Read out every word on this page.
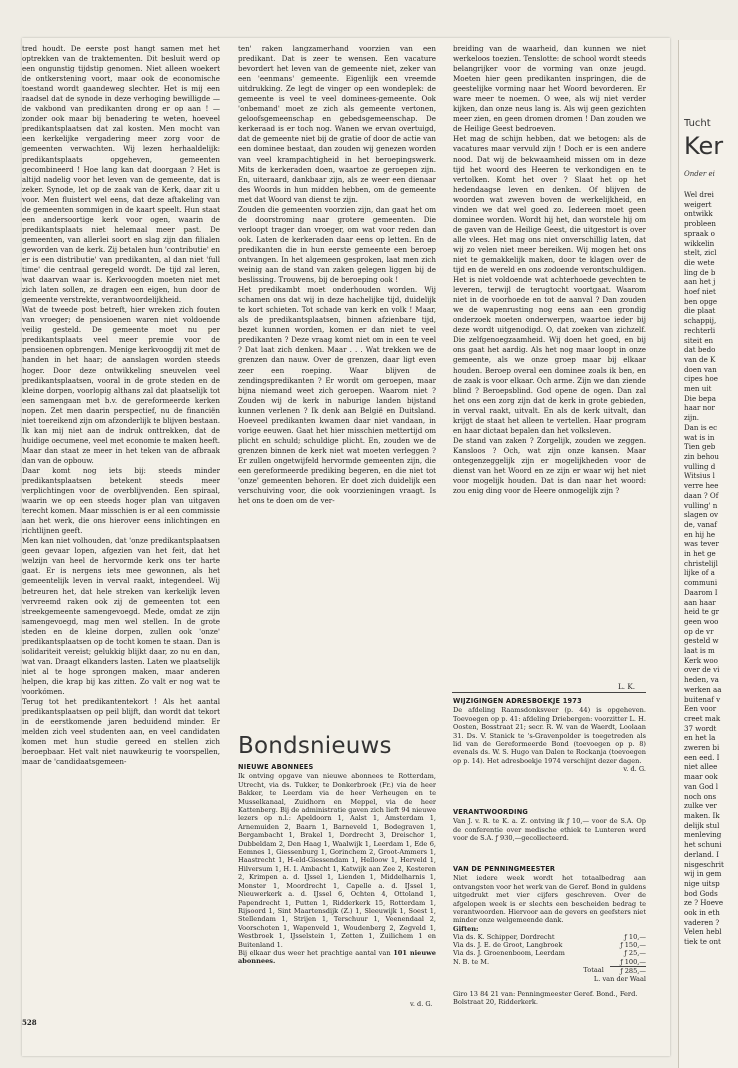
tred houdt. De eerste post hangt samen met het optrekken van de traktementen. Dit besluit werd op een ongunstig tijdstip genomen. Niet alleen woekert de ontkerstening voort, maar ook de economische toestand wordt gaandeweg slechter. Het is mij een raadsel dat de synode in deze verhoging bewilligde — de vakbond van predikanten drong er op aan ! — zonder ook maar bij benadering te weten, hoeveel predikantsplaatsen dat zal kosten. Men mocht van een kerkelijke vergadering meer zorg voor de gemeenten verwachten. Wij lezen herhaaldelijk: predikantsplaats opgeheven, gemeenten gecombineerd ! Hoe lang kan dat doorgaan ? Het is altijd nadelig voor het leven van de gemeente, dat is zeker. Synode, let op de zaak van de Kerk, daar zit u voor. Men fluistert wel eens, dat deze aftakeling van de gemeenten sommigen in de kaart speelt. Hun staat een andersoortige kerk voor ogen, waarin de predikantsplaats niet helemaal meer past. De gemeenten, van allerlei soort en slag zijn dan filialen geworden van de kerk. Zij betalen hun 'contributie' en er is een distributie' van predikanten, al dan niet 'full time' die centraal geregeld wordt. De tijd zal leren, wat daarvan waar is. Kerkvoogden moeten niet met zich laten sollen, ze dragen een eigen, hun door de gemeente verstrekte, verantwoordelijkheid.

Wat de tweede post betreft, hier wreken zich fouten van vroeger; de pensioenen waren niet voldoende veilig gesteld. De gemeente moet nu per predikantsplaats veel meer premie voor de pensioenen opbrengen. Menige kerkvoogdij zit met de handen in het haar; de aanslagen worden steeds hoger. Door deze ontwikkeling sneuvelen veel predikantsplaatsen, vooral in de grote steden en de kleine dorpen, voorlopig althans zal dat plaatselijk tot een samengaan met b.v. de gereformeerde kerken nopen. Zet men daarin perspectief, nu de financiën niet toereikend zijn om afzonderlijk te blijven bestaan. Ik kan mij niet aan de indruk onttrekken, dat de huidige oecumene, veel met economie te maken heeft. Maar dan staat ze meer in het teken van de afbraak dan van de opbouw.

Daar komt nog iets bij: steeds minder predikantsplaatsen betekent steeds meer verplichtingen voor de overblijvenden. Een spiraal, waarin we op een steeds hoger plan van uitgaven terecht komen. Maar misschien is er al een commissie aan het werk, die ons hierover eens inlichtingen en richtlijnen geeft.

Men kan niet volhouden, dat 'onze predikantsplaatsen geen gevaar lopen, afgezien van het feit, dat het welzijn van heel de hervormde kerk ons ter harte gaat. Er is nergens iets mee gewonnen, als het gemeentelijk leven in verval raakt, integendeel. Wij betreuren het, dat hele streken van kerkelijk leven vervreemd raken ook zij de gemeenten tot een streekgemeente samengevoegd. Mede, omdat ze zijn samengevoegd, mag men wel stellen. In de grote steden en de kleine dorpen, zullen ook 'onze' predikantsplaatsen op de tocht komen te staan. Dan is solidariteit vereist; gelukkig blijkt daar, zo nu en dan, wat van. Draagt elkanders lasten. Laten we plaatselijk niet al te hoge sprongen maken, maar anderen helpen, die krap bij kas zitten. Zo valt er nog wat te voorkómen.

Terug tot het predikantentekort ! Als het aantal predikantsplaatsen op peil blijft, dan wordt dat tekort in de eerstkomende jaren beduidend minder. Er melden zich veel studenten aan, en veel candidaten komen met hun studie gereed en stellen zich beroepbaar. Het valt niet nauwkeurig te voorspellen, maar de 'candidaatsgemeen-

ten' raken langzamerhand voorzien van een predikant. Dat is zeer te wensen. Een vacature bevordert het leven van de gemeente niet, zeker van een 'eenmans' gemeente. Eigenlijk een vreemde uitdrukking. Ze legt de vinger op een wondeplek: de gemeente is veel te veel dominees-gemeente. Ook 'onbemand' moet ze zich als gemeente vertonen, geloofsgemeenschap en gebedsgemeenschap. De kerkeraad is er toch nog. Wanen we ervan overtuigd, dat de gemeente niet bij de gratie of door de actie van een dominee bestaat, dan zouden wij genezen worden van veel krampachtigheid in het beroepingswerk. Mits de kerkeraden doen, waartoe ze geroepen zijn. En, uiteraard, dankbaar zijn, als ze weer een dienaar des Woords in hun midden hebben, om de gemeente met dat Woord van dienst te zijn.

Zouden die gemeenten voorzien zijn, dan gaat het om de doorstroming naar grotere gemeenten. Die verloopt trager dan vroeger, om wat voor reden dan ook. Laten de kerkeraden daar eens op letten. En de predikanten die in hun eerste gemeente een beroep ontvangen. In het algemeen gesproken, laat men zich weinig aan de stand van zaken gelegen liggen bij de beslissing. Trouwens, bij de beroeping ook !

Het predikambt moet onderhouden worden. Wij schamen ons dat wij in deze hachelijke tijd, duidelijk te kort schieten. Tot schade van kerk en volk ! Maar, als de predikantsplaatsen, binnen afzienbare tijd, bezet kunnen worden, komen er dan niet te veel predikanten ? Deze vraag komt niet om in een te veel ? Dat laat zich denken. Maar . . . Wat trekken we de grenzen dan nauw. Over de grenzen, daar ligt even zeer een roeping. Waar blijven de zendingspredikanten ? Er wordt om geroepen, maar bijna niemand weet zich geroepen. Waarom niet ? Zouden wij de kerk in naburige landen bijstand kunnen verlenen ? Ik denk aan België en Duitsland. Hoeveel predikanten kwamen daar niet vandaan, in vorige eeuwen. Gaat het hier misschien mettertijd om plicht en schuld; schuldige plicht. En, zouden we de grenzen binnen de kerk niet wat moeten verleggen ? Er zullen ongetwijfeld hervormde gemeenten zijn, die een gereformeerde prediking begeren, en die niet tot 'onze' gemeenten behoren. Er doet zich duidelijk een verschuiving voor, die ook voorzieningen vraagt. Is het ons te doen om de ver-

breiding van de waarheid, dan kunnen we niet werkeloos toezien. Tenslotte: de school wordt steeds belangrijker voor de vorming van onze jeugd. Moeten hier geen predikanten inspringen, die de geestelijke vorming naar het Woord bevorderen. Er ware meer te noemen. O wee, als wij niet verder kijken, dan onze neus lang is. Als wij geen gezichten meer zien, en geen dromen dromen ! Dan zouden we de Heilige Geest bedroeven.

Het mag de schijn hebben, dat we betogen: als de vacatures maar vervuld zijn ! Doch er is een andere nood. Dat wij de bekwaamheid missen om in deze tijd het woord des Heeren te verkondigen en te vertolken. Komt het over ? Slaat het op het hedendaagse leven en denken. Of blijven de woorden wat zweven boven de werkelijkheid, en vinden we dat wel goed zo. Iedereen moet geen dominee worden. Wordt hij het, dan worstele hij om de gaven van de Heilige Geest, die uitgestort is over alle vlees. Het mag ons niet onverschillig laten, dat wij zo velen niet meer bereiken. Wij mogen het ons niet te gemakkelijk maken, door te klagen over de tijd en de wereld en ons zodoende verontschuldigen. Het is niet voldoende wat achterhoede gevechten te leveren, terwijl de terugtocht voortgaat. Waarom niet in de voorhoede en tot de aanval ? Dan zouden we de wapenrusting nog eens aan een grondig onderzoek moeten onderwerpen, waartoe ieder bij deze wordt uitgenodigd. O, dat zoeken van zichzelf. Die zelfgenoegzaamheid. Wij doen het goed, en bij ons gaat het aardig. Als het nog maar loopt in onze gemeente, als we onze groep maar bij elkaar houden. Beroep overal een dominee zoals ik ben, en de zaak is voor elkaar. Och arme. Zijn we dan ziende blind ? Beroepsblind. God opene de ogen. Dan zal het ons een zorg zijn dat de kerk in grote gebieden, in verval raakt, uitvalt. En als de kerk uitvalt, dan krijgt de staat het alleen te vertellen. Haar program en haar dictaat bepalen dan het volksleven.

De stand van zaken ? Zorgelijk, zouden we zeggen. Kansloos ? Och, wat zijn onze kansen. Maar ontegenzeggelijk zijn er mogelijkheden voor de dienst van het Woord en ze zijn er waar wij het niet voor mogelijk houden. Dat is dan naar het woord: zou enig ding voor de Heere onmogelijk zijn ?

L. K.
Bondsnieuws
NIEUWE ABONNEES

Ik ontving opgave van nieuwe abonnees te Rotterdam, Utrecht, via ds. Tukker, te Donkerbroek (Fr.) via de heer Bakker, te Leerdam via de heer Verheugen en te Musselkanaal, Zuidhorn en Meppel, via de heer Kattenberg. Bij de administratie gaven zich lieft 94 nieuwe lezers op n.l.: Apeldoorn 1, Aalst 1, Amsterdam 1, Arnemuiden 2, Baarn 1, Barneveld 1, Bodegraven 1, Bergambacht 1, Brakel 1, Dordrecht 3, Dreischor 1, Dubbeldam 2, Den Haag 1, Waalwijk 1, Leerdam 1, Ede 6, Eemnes 1, Giessenburg 1, Gorinchem 2, Groot-Ammers 1, Haastrecht 1, H-eld-Giessendam 1, Helloow 1, Herveld 1, Hilversum 1, H. I. Ambacht 1, Katwijk aan Zee 2, Kesteren 2, Krimpen a. d. IJssel 1, Lienden 1, Middelharnis 1, Monster 1, Moordrecht 1, Capelle a. d. IJssel 1, Nieuwerkerk a. d. IJssel 6, Ochten 4, Ottoland 1, Papendrecht 1, Putten 1, Ridderkerk 15, Rotterdam 1, Rijsoord 1, Sint Maartensdijk (Z.) 1, Sleeuwijk 1, Soest 1, Stellendam 1, Strijen 1, Terschuur 1, Veenendaal 2, Voorschoten 1, Wapenveld 1, Woudenberg 2, Zegveld 1, Westbroek 1, IJsselstein 1, Zetten 1, Zuilichem 1 en Buitenland 1.

Bij elkaar dus weer het prachtige aantal van 101 nieuwe abonnees.

v. d. G.
WIJZIGINGEN ADRESBOEKJE 1973

De afdeling Raamsdonksveer (p. 44) is opgeheven. Toevoegen op p. 41: afdeling Driebergen: voorzitter L. H. Oosten, Bosstraat 21; secr. R. W. van de Waerdt, Loolaan 31. Ds. V. Stanick te 's-Gravenpolder is toegetreden als lid van de Gereformeerde Bond (toevoegen op p. 8) evenals ds. W. S. Hugo van Dalen te Rockanja (toevoegen op p. 14). Het adresboekje 1974 verschijnt dezer dagen.

v. d. G.

VERANTWOORDING

Van J. v. R. te K. a. Z. ontving ik ƒ 10,— voor de S.A. Op de conferentie over medische ethiek te Lunteren werd voor de S.A. ƒ 930,—gecollecteerd.

VAN DE PENNINGMEESTER

Niet iedere week wordt het totaalbedrag aan ontvangsten voor het werk van de Geref. Bond in guldens uitgedrukt met vier cijfers geschreven. Over de afgelopen week is er slechts een bescheiden bedrag te verantwoorden. Hiervoor aan de gevers en geefsters niet minder onze welgemeende dank.

Giften:

Via ds. K. Schipper, Dordrecht	ƒ 10,—
Via ds. J. E. de Groot, Langbroek	ƒ 150,—
Via ds. J. Groenenboom, Leerdam	ƒ 25,—
N. B. te M.	ƒ 100,—
Totaal	ƒ 285,—

L. van der Waal

Giro 13 84 21 van: Penningmeester Geref. Bond., Ferd. Bolstraat 20, Ridderkerk.
528
Tucht
Ker
Onder ei
Wel drei
weigert
ontwikk
probleen
spraak o
wikkelin
stelt, zicl
die wete
ling de b
aan het j
hoef niet
ben opge
die plaat
schappij,
rechterli
siteit en
dat bedo
van de K
doen van
cipes hoe
men uit
Die bepa
haar nor
zijn.
Dan is ec
wat is in
Tien geb
zin behou
vulling d
Witsius l
verre hee
daan ? Of
vulling' n
slagen ov
de, vanaf
en hij he
was tever
in het ge
christelijl
lijke of a
communi
Daarom I
aan haar
heid te gr
geen woo
op de vr
gesteld w
laat is m
Kerk woo
over de vi
heden, va
werken aa
buitenaf v
Een voor
creet mak
37 wordt
en het la
zweren bi
een eed. I
niet allee
maar ook
van God l
noch ons
zulke ver
maken. Ik
delijk stul
menleving
het schuni
derland. I
nisgeschrit
wij in gem
nige uitsp
bod Gods
ze ? Hoeve
ook in eth
vaderen ?
Velen hebl
tiek te ont
